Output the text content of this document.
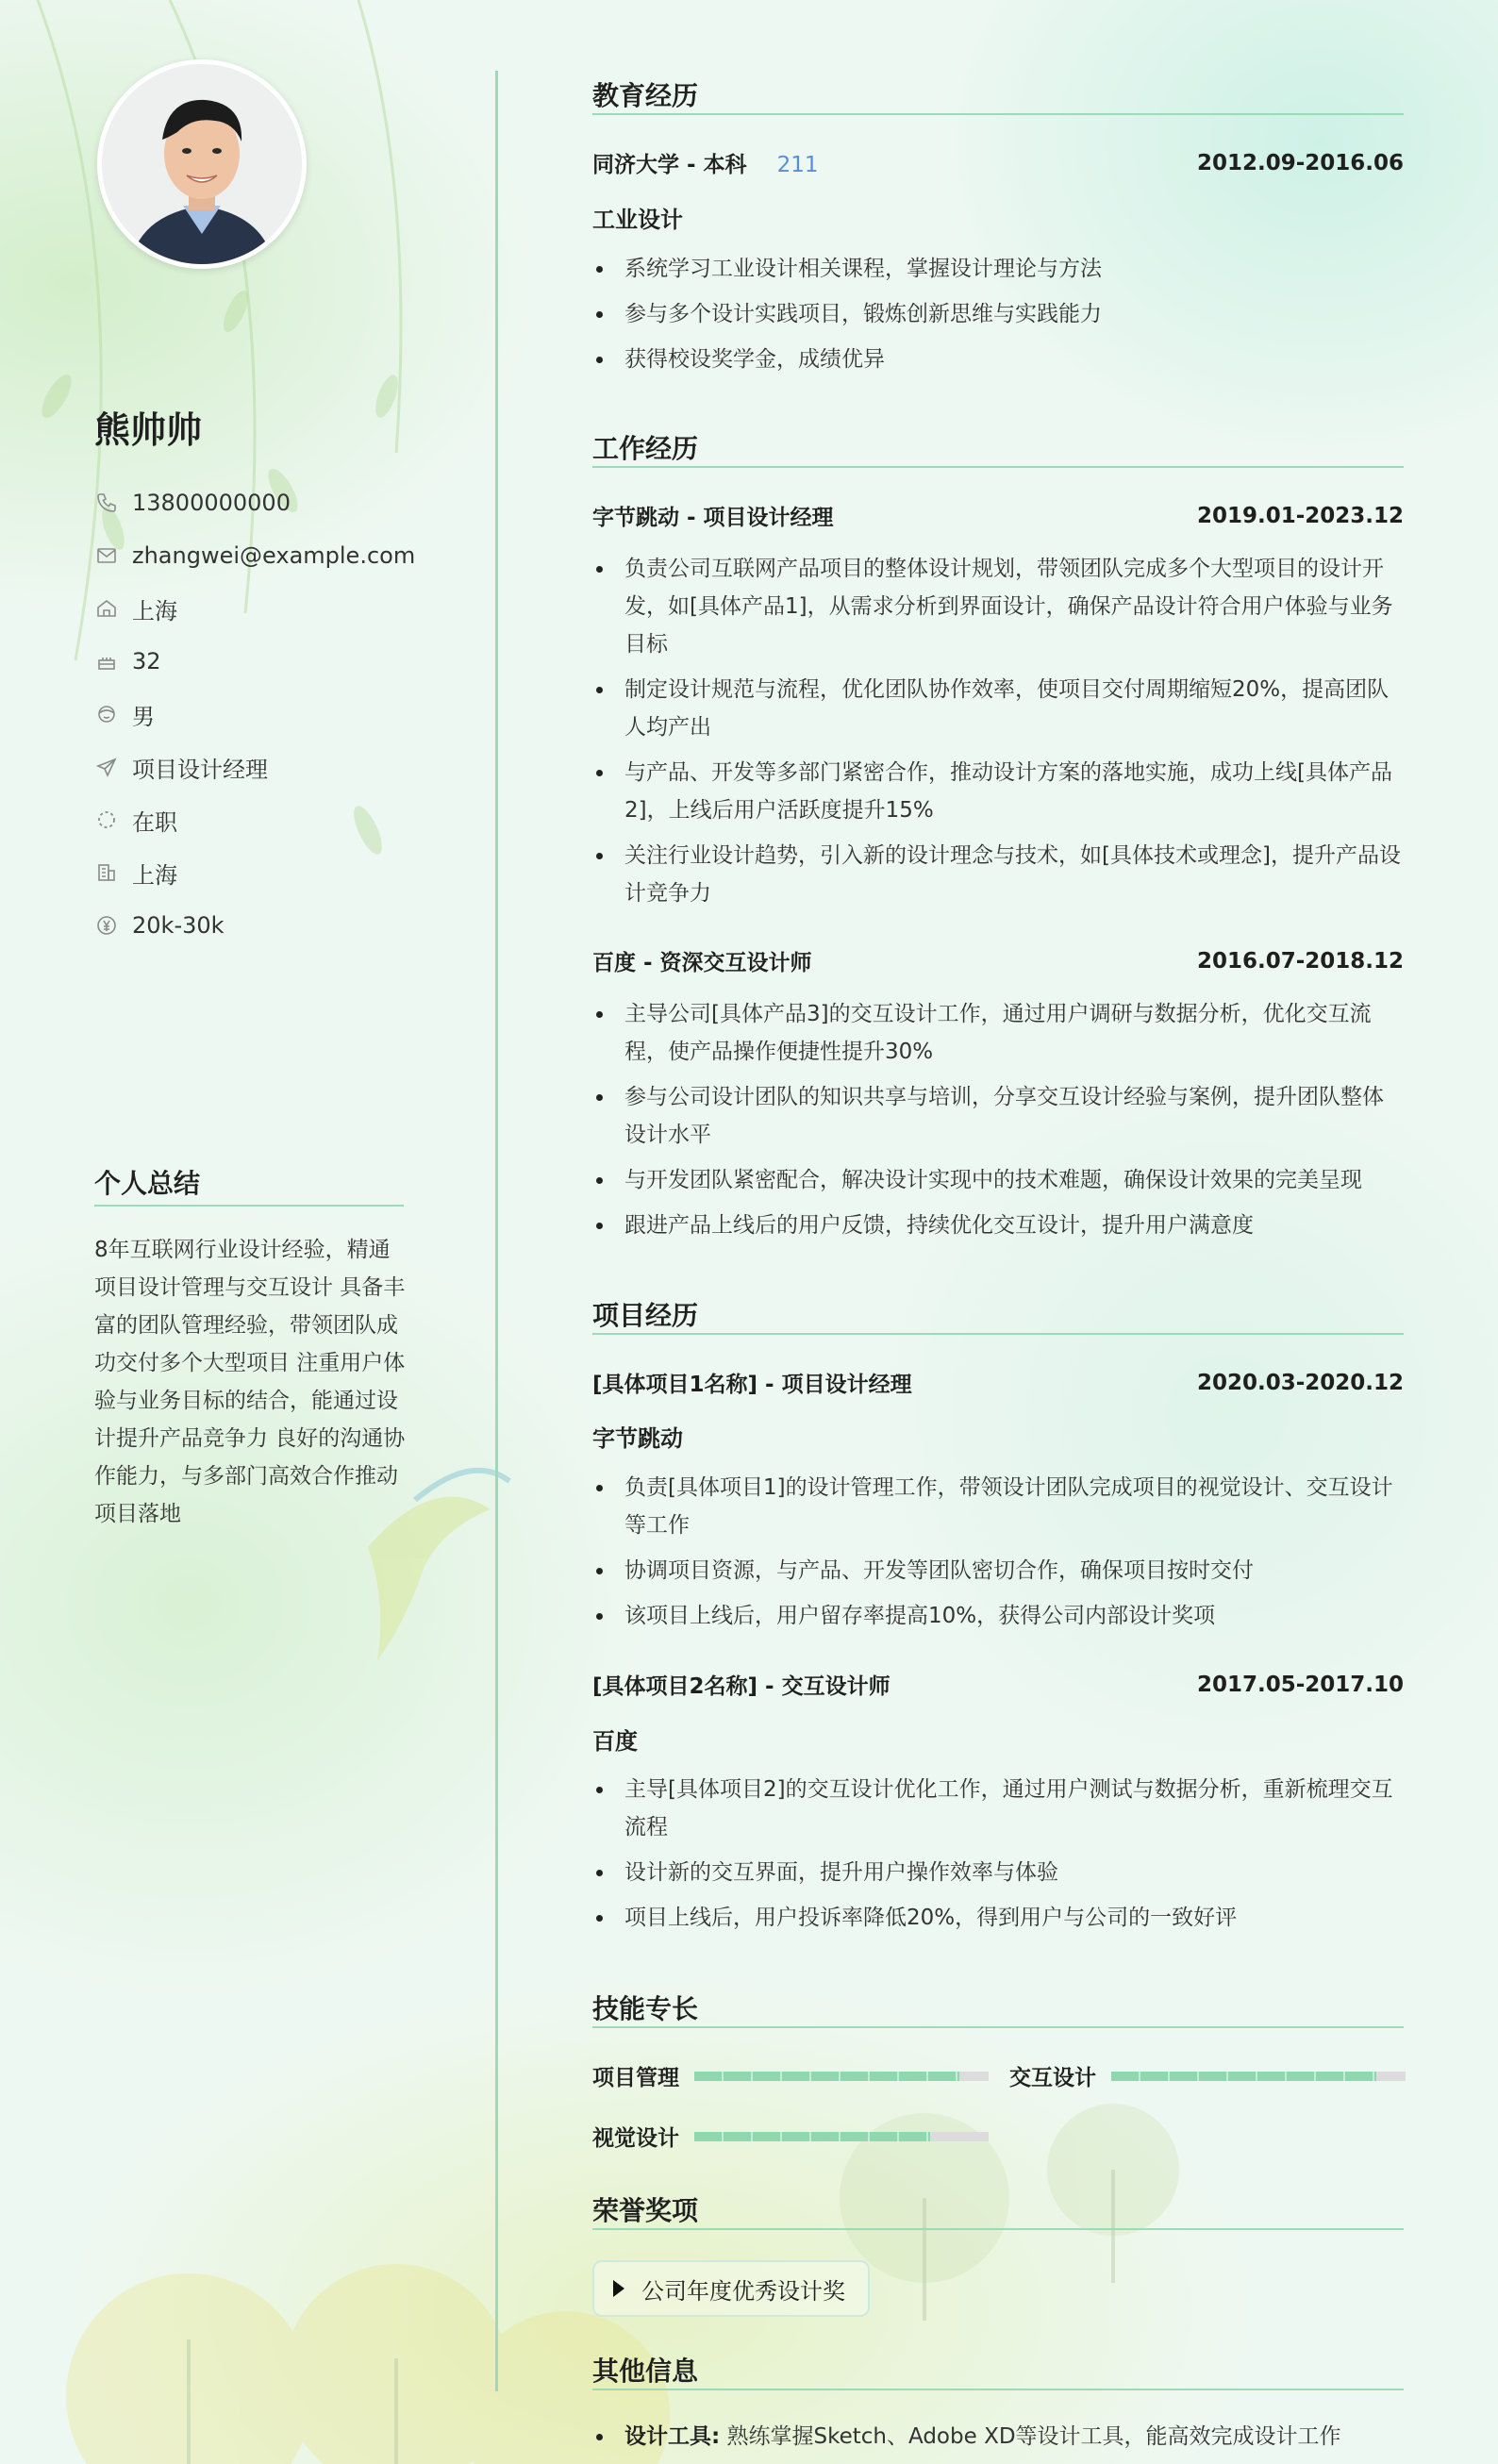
熊帅帅
13800000000
zhangwei@example.com
上海
32
男
项目设计经理
在职
上海
20k-30k
个人总结
8年互联网行业设计经验，精通项目设计管理与交互设计 具备丰富的团队管理经验，带领团队成功交付多个大型项目 注重用户体验与业务目标的结合，能通过设计提升产品竞争力 良好的沟通协作能力，与多部门高效合作推动项目落地
教育经历
同济大学 - 本科 211	2012.09-2016.06
工业设计
系统学习工业设计相关课程，掌握设计理论与方法
参与多个设计实践项目，锻炼创新思维与实践能力
获得校设奖学金，成绩优异
工作经历
字节跳动 - 项目设计经理	2019.01-2023.12
负责公司互联网产品项目的整体设计规划，带领团队完成多个大型项目的设计开发，如[具体产品1]，从需求分析到界面设计，确保产品设计符合用户体验与业务目标
制定设计规范与流程，优化团队协作效率，使项目交付周期缩短20%，提高团队人均产出
与产品、开发等多部门紧密合作，推动设计方案的落地实施，成功上线[具体产品2]，上线后用户活跃度提升15%
关注行业设计趋势，引入新的设计理念与技术，如[具体技术或理念]，提升产品设计竞争力
百度 - 资深交互设计师	2016.07-2018.12
主导公司[具体产品3]的交互设计工作，通过用户调研与数据分析，优化交互流程，使产品操作便捷性提升30%
参与公司设计团队的知识共享与培训，分享交互设计经验与案例，提升团队整体设计水平
与开发团队紧密配合，解决设计实现中的技术难题，确保设计效果的完美呈现
跟进产品上线后的用户反馈，持续优化交互设计，提升用户满意度
项目经历
[具体项目1名称] - 项目设计经理	2020.03-2020.12
字节跳动
负责[具体项目1]的设计管理工作，带领设计团队完成项目的视觉设计、交互设计等工作
协调项目资源，与产品、开发等团队密切合作，确保项目按时交付
该项目上线后，用户留存率提高10%，获得公司内部设计奖项
[具体项目2名称] - 交互设计师	2017.05-2017.10
百度
主导[具体项目2]的交互设计优化工作，通过用户测试与数据分析，重新梳理交互流程
设计新的交互界面，提升用户操作效率与体验
项目上线后，用户投诉率降低20%，得到用户与公司的一致好评
技能专长
项目管理	交互设计
视觉设计
荣誉奖项
公司年度优秀设计奖
其他信息
设计工具: 熟练掌握Sketch、Adobe XD等设计工具，能高效完成设计工作
